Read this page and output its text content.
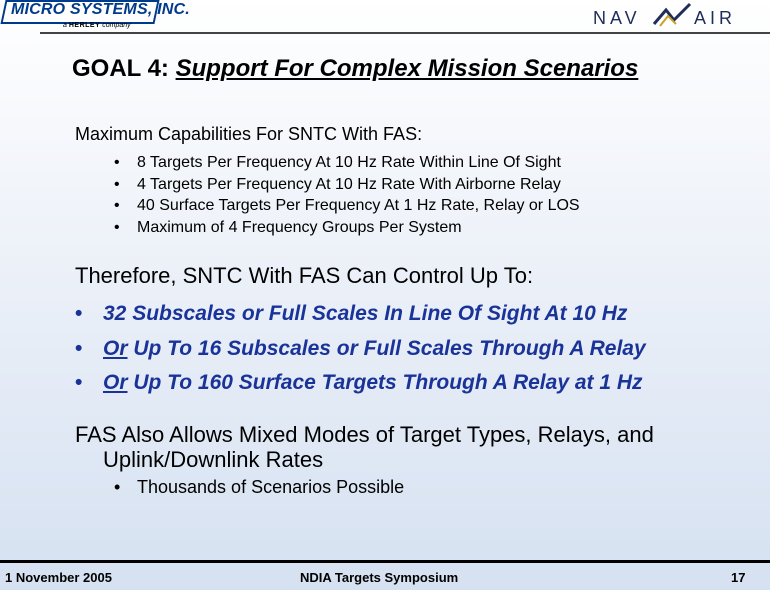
MICRO SYSTEMS, INC.
a HERLEY company	NAV	AIR
GOAL 4: Support For Complex Mission Scenarios
Maximum Capabilities For SNTC With FAS:
• 8 Targets Per Frequency At 10 Hz Rate Within Line Of Sight
• 4 Targets Per Frequency At 10 Hz Rate With Airborne Relay
• 40 Surface Targets Per Frequency At 1 Hz Rate, Relay or LOS
• Maximum of 4 Frequency Groups Per System
Therefore, SNTC With FAS Can Control Up To:
• 32 Subscales or Full Scales In Line Of Sight At 10 Hz
• Or Up To 16 Subscales or Full Scales Through A Relay
• Or Up To 160 Surface Targets Through A Relay at 1 Hz
FAS Also Allows Mixed Modes of Target Types, Relays, and
Uplink/Downlink Rates
• Thousands of Scenarios Possible
1 November 2005	NDIA Targets Symposium	17
